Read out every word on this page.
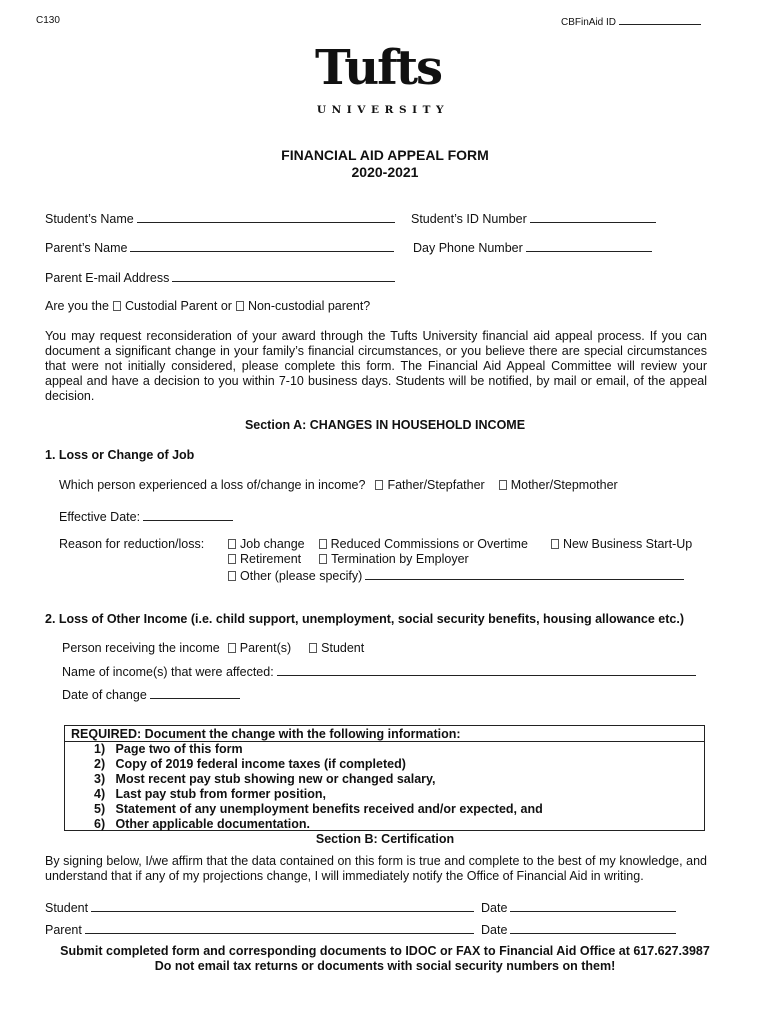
C130	CBFinAid ID
Tufts
UNIVERSITY
FINANCIAL AID APPEAL FORM
2020-2021
Student’s Name	Student’s ID Number
Parent’s Name	Day Phone Number
Parent E-mail Address
Are you the Custodial Parent or Non-custodial parent?
You may request reconsideration of your award through the Tufts University financial aid appeal process. If you can document a significant change in your family’s financial circumstances, or you believe there are special circumstances that were not initially considered, please complete this form. The Financial Aid Appeal Committee will review your appeal and have a decision to you within 7-10 business days. Students will be notified, by mail or email, of the appeal decision.
Section A: CHANGES IN HOUSEHOLD INCOME
1. Loss or Change of Job
Which person experienced a loss of/change in income? Father/Stepfather Mother/Stepmother
Effective Date:
Reason for reduction/loss:	Job change Reduced Commissions or Overtime	New Business Start-Up
Retirement Termination by Employer
Other (please specify)
2. Loss of Other Income (i.e. child support, unemployment, social security benefits, housing allowance etc.)
Person receiving the income Parent(s) Student
Name of income(s) that were affected:
Date of change
REQUIRED: Document the change with the following information:
1)   Page two of this form
2)   Copy of 2019 federal income taxes (if completed)
3)   Most recent pay stub showing new or changed salary,
4)   Last pay stub from former position,
5)   Statement of any unemployment benefits received and/or expected, and
6)   Other applicable documentation.
Section B: Certification
By signing below, I/we affirm that the data contained on this form is true and complete to the best of my knowledge, and understand that if any of my projections change, I will immediately notify the Office of Financial Aid in writing.
Student	Date
Parent	Date
Submit completed form and corresponding documents to IDOC or FAX to Financial Aid Office at 617.627.3987
Do not email tax returns or documents with social security numbers on them!
